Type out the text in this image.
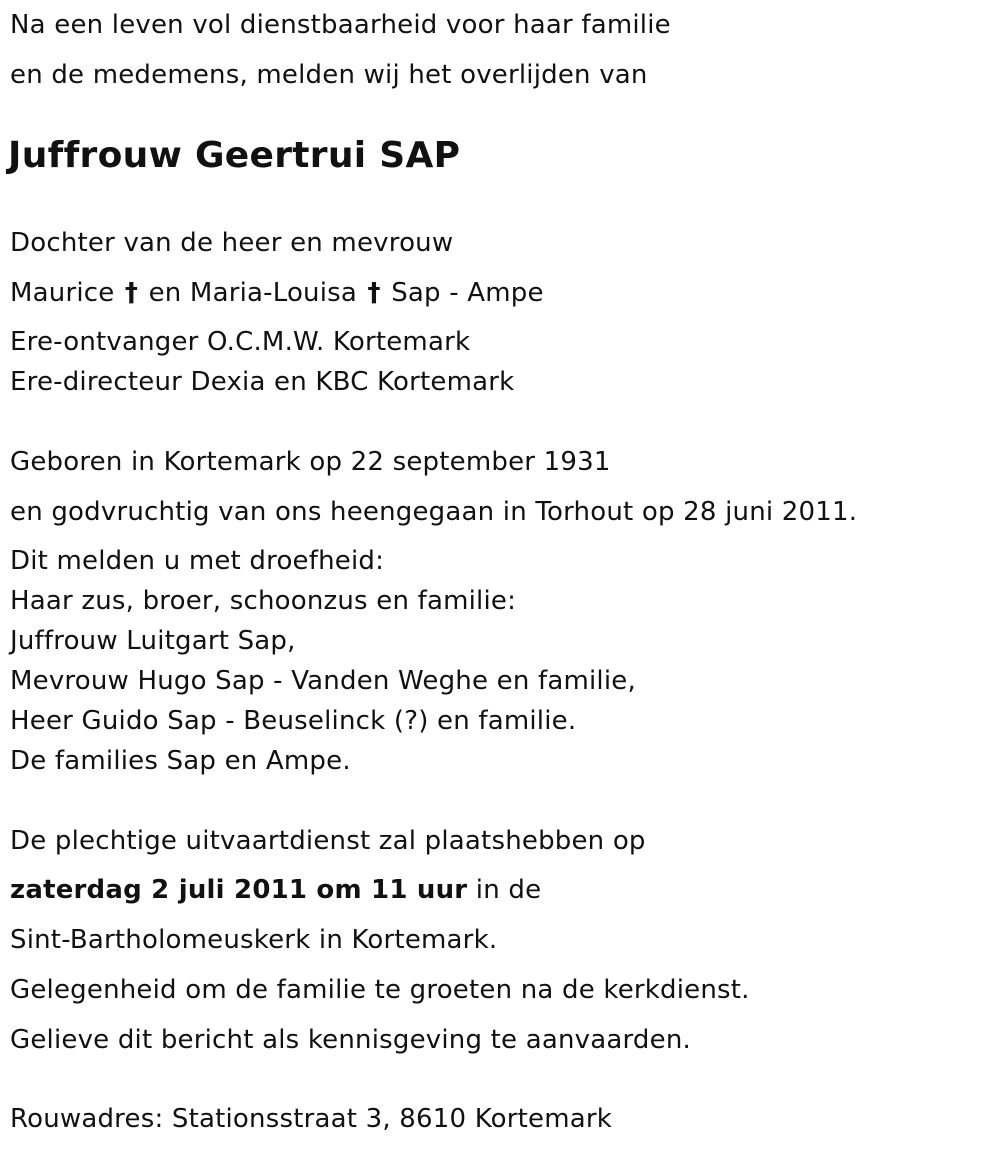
Na een leven vol dienstbaarheid voor haar familie
en de medemens, melden wij het overlijden van
Juffrouw Geertrui SAP
Dochter van de heer en mevrouw
Maurice † en Maria-Louisa † Sap - Ampe
Ere-ontvanger O.C.M.W. Kortemark
Ere-directeur Dexia en KBC Kortemark
Geboren in Kortemark op 22 september 1931
en godvruchtig van ons heengegaan in Torhout op 28 juni 2011.
Dit melden u met droefheid:
Haar zus, broer, schoonzus en familie:
Juffrouw Luitgart Sap,
Mevrouw Hugo Sap - Vanden Weghe en familie,
Heer Guido Sap - Beuselinck (?) en familie.
De families Sap en Ampe.
De plechtige uitvaartdienst zal plaatshebben op
zaterdag 2 juli 2011 om 11 uur in de
Sint-Bartholomeuskerk in Kortemark.
Gelegenheid om de familie te groeten na de kerkdienst.
Gelieve dit bericht als kennisgeving te aanvaarden.
Rouwadres: Stationsstraat 3, 8610 Kortemark
